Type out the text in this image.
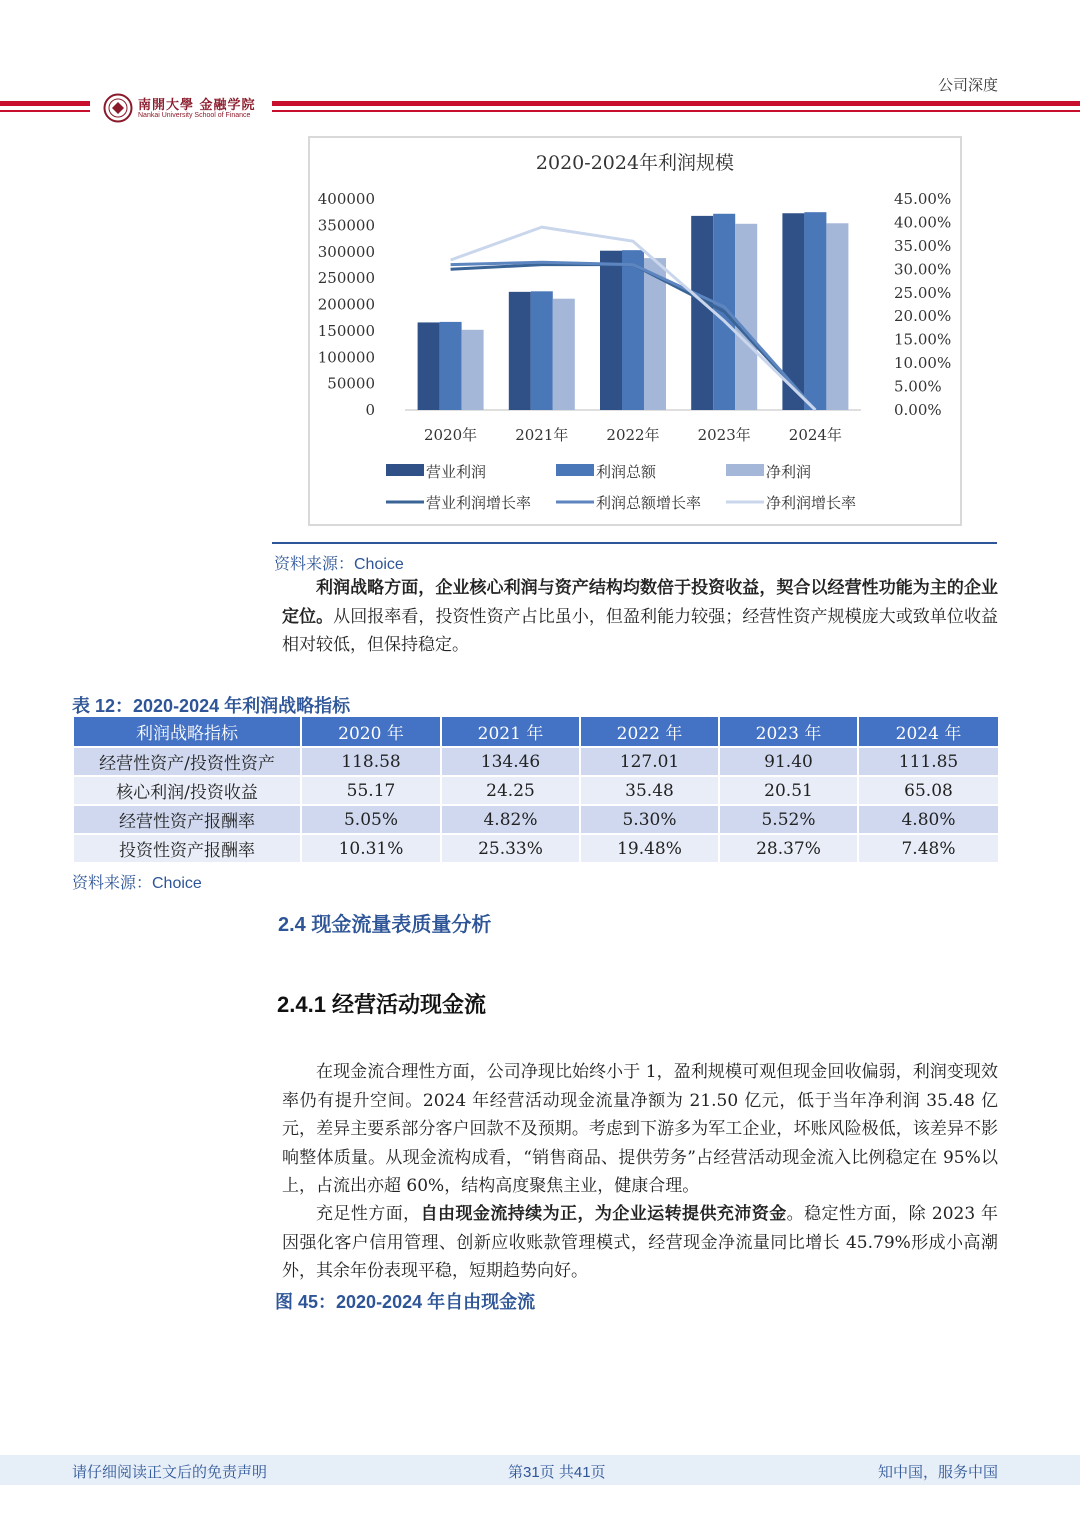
公司深度
南開大學 金融学院
Nankai University School of Finance
2020-2024年利润规模
400000
350000
300000
250000
200000
150000
100000
50000
0
45.00%
40.00%
35.00%
30.00%
25.00%
20.00%
15.00%
10.00%
5.00%
0.00%
2020年	2021年	2022年	2023年	2024年
营业利润	利润总额	净利润
营业利润增长率	利润总额增长率	净利润增长率
资料来源：Choice
利润战略方面，企业核心利润与资产结构均数倍于投资收益，契合以经营性功能为主的企业定位。从回报率看，投资性资产占比虽小，但盈利能力较强；经营性资产规模庞大或致单位收益相对较低，但保持稳定。
表 12：2020-2024 年利润战略指标
利润战略指标	2020 年	2021 年	2022 年	2023 年	2024 年
经营性资产/投资性资产	118.58	134.46	127.01	91.40	111.85
核心利润/投资收益	55.17	24.25	35.48	20.51	65.08
经营性资产报酬率	5.05%	4.82%	5.30%	5.52%	4.80%
投资性资产报酬率	10.31%	25.33%	19.48%	28.37%	7.48%
资料来源：Choice
2.4 现金流量表质量分析
2.4.1 经营活动现金流
在现金流合理性方面，公司净现比始终小于 1，盈利规模可观但现金回收偏弱，利润变现效率仍有提升空间。2024 年经营活动现金流量净额为 21.50 亿元，低于当年净利润 35.48 亿元，差异主要系部分客户回款不及预期。考虑到下游多为军工企业，坏账风险极低，该差异不影响整体质量。从现金流构成看，“销售商品、提供劳务”占经营活动现金流入比例稳定在 95%以上，占流出亦超 60%，结构高度聚焦主业，健康合理。
充足性方面，自由现金流持续为正，为企业运转提供充沛资金。稳定性方面，除 2023 年因强化客户信用管理、创新应收账款管理模式，经营现金净流量同比增长 45.79%形成小高潮外，其余年份表现平稳，短期趋势向好。
图 45：2020-2024 年自由现金流
请仔细阅读正文后的免责声明	第31页 共41页	知中国，服务中国
